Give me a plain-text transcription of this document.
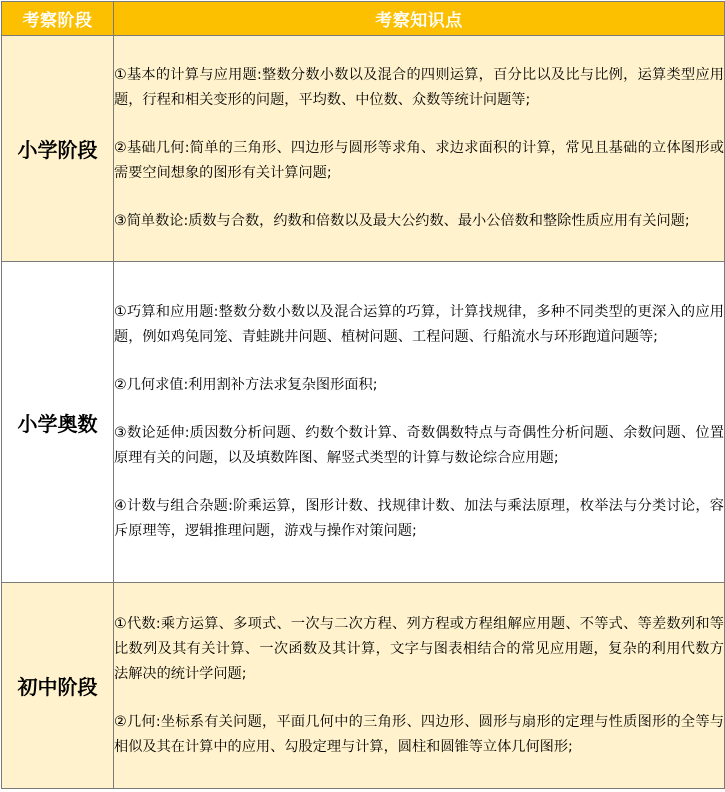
考察阶段	考察知识点
小学阶段	①基本的计算与应用题:整数分数小数以及混合的四则运算，百分比以及比与比例，运算类型应用题，行程和相关变形的问题，平均数、中位数、众数等统计问题等;

②基础几何:简单的三角形、四边形与圆形等求角、求边求面积的计算，常见且基础的立体图形或需要空间想象的图形有关计算问题;

③简单数论:质数与合数，约数和倍数以及最大公约数、最小公倍数和整除性质应用有关问题;

小学奥数	①巧算和应用题:整数分数小数以及混合运算的巧算，计算找规律，多种不同类型的更深入的应用题，例如鸡兔同笼、青蛙跳井问题、植树问题、工程问题、行船流水与环形跑道问题等;

②几何求值:利用割补方法求复杂图形面积;

③数论延伸:质因数分析问题、约数个数计算、奇数偶数特点与奇偶性分析问题、余数问题、位置原理有关的问题，以及填数阵图、解竖式类型的计算与数论综合应用题;

④计数与组合杂题:阶乘运算，图形计数、找规律计数、加法与乘法原理，枚举法与分类讨论，容斥原理等，逻辑推理问题，游戏与操作对策问题;

初中阶段	①代数:乘方运算、多项式、一次与二次方程、列方程或方程组解应用题、不等式、等差数列和等比数列及其有关计算、一次函数及其计算，文字与图表相结合的常见应用题，复杂的利用代数方法解决的统计学问题;

②几何:坐标系有关问题，平面几何中的三角形、四边形、圆形与扇形的定理与性质图形的全等与相似及其在计算中的应用、勾股定理与计算，圆柱和圆锥等立体几何图形;
